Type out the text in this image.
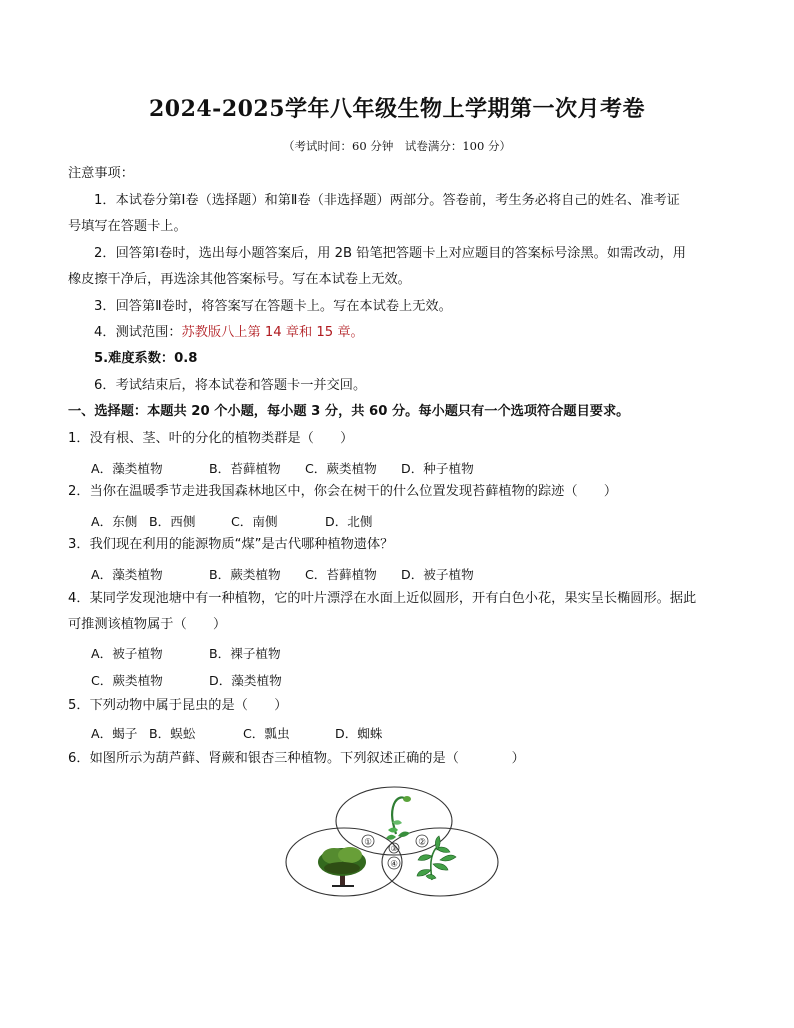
2024-2025学年八年级生物上学期第一次月考卷
（考试时间：60 分钟　试卷满分：100 分）
注意事项：
1．本试卷分第Ⅰ卷（选择题）和第Ⅱ卷（非选择题）两部分。答卷前，考生务必将自己的姓名、准考证
号填写在答题卡上。
2．回答第Ⅰ卷时，选出每小题答案后，用 2B 铅笔把答题卡上对应题目的答案标号涂黑。如需改动，用
橡皮擦干净后，再选涂其他答案标号。写在本试卷上无效。
3．回答第Ⅱ卷时，将答案写在答题卡上。写在本试卷上无效。
4．测试范围：苏教版八上第 14 章和 15 章。
5.难度系数：0.8
6．考试结束后，将本试卷和答题卡一并交回。
一、选择题：本题共 20 个小题，每小题 3 分，共 60 分。每小题只有一个选项符合题目要求。
1．没有根、茎、叶的分化的植物类群是（　　）
A．藻类植物	B．苔藓植物 C．蕨类植物 D．种子植物
2．当你在温暖季节走进我国森林地区中，你会在树干的什么位置发现苔藓植物的踪迹（　　）
A．东侧 B．西侧	C．南侧	D．北侧
3．我们现在利用的能源物质“煤”是古代哪种植物遗体？
A．藻类植物	B．蕨类植物 C．苔藓植物 D．被子植物
4．某同学发现池塘中有一种植物，它的叶片漂浮在水面上近似圆形，开有白色小花，果实呈长椭圆形。据此
可推测该植物属于（　　）
A．被子植物	B．裸子植物
C．蕨类植物	D．藻类植物
5．下列动物中属于昆虫的是（　　）
A．蝎子 B．蜈蚣	C．瓢虫	D．蜘蛛
6．如图所示为葫芦藓、肾蕨和银杏三种植物。下列叙述正确的是（　　　　）
①	②
③
④
